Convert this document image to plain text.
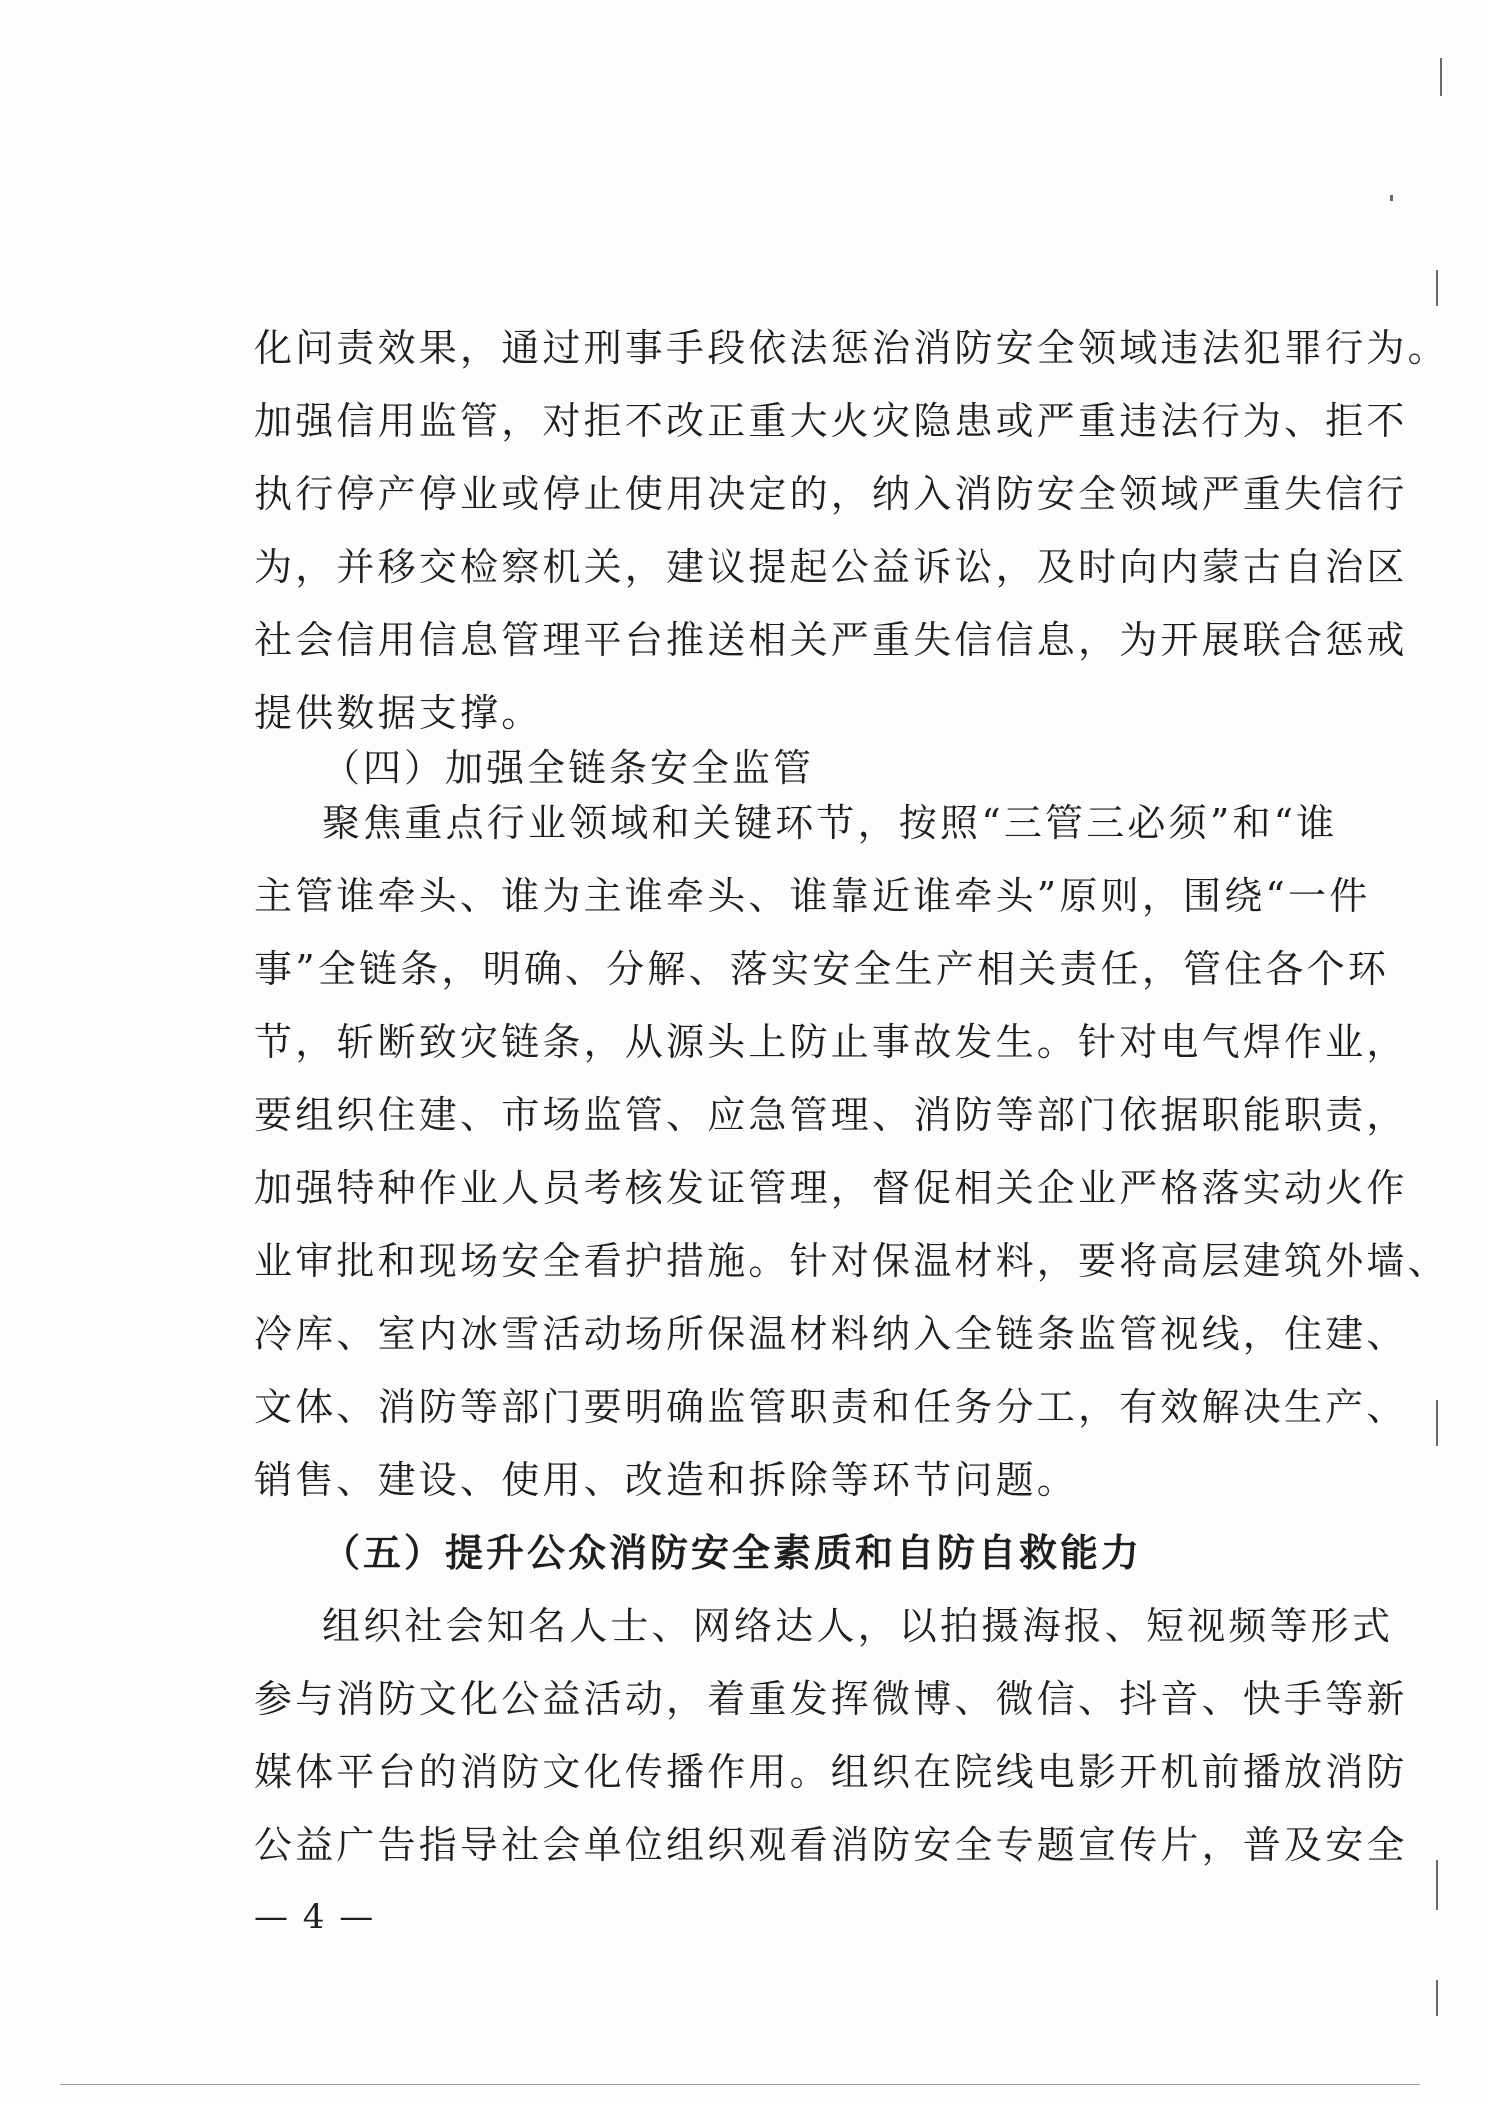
化问责效果，通过刑事手段依法惩治消防安全领域违法犯罪行为。
加强信用监管，对拒不改正重大火灾隐患或严重违法行为、拒不
执行停产停业或停止使用决定的，纳入消防安全领域严重失信行
为，并移交检察机关，建议提起公益诉讼，及时向内蒙古自治区
社会信用信息管理平台推送相关严重失信信息，为开展联合惩戒
提供数据支撑。
（四）加强全链条安全监管
聚焦重点行业领域和关键环节，按照“三管三必须”和“谁
主管谁牵头、谁为主谁牵头、谁靠近谁牵头”原则，围绕“一件
事”全链条，明确、分解、落实安全生产相关责任，管住各个环
节，斩断致灾链条，从源头上防止事故发生。针对电气焊作业，
要组织住建、市场监管、应急管理、消防等部门依据职能职责，
加强特种作业人员考核发证管理，督促相关企业严格落实动火作
业审批和现场安全看护措施。针对保温材料，要将高层建筑外墙、
冷库、室内冰雪活动场所保温材料纳入全链条监管视线，住建、
文体、消防等部门要明确监管职责和任务分工，有效解决生产、
销售、建设、使用、改造和拆除等环节问题。
（五）提升公众消防安全素质和自防自救能力
组织社会知名人士、网络达人，以拍摄海报、短视频等形式
参与消防文化公益活动，着重发挥微博、微信、抖音、快手等新
媒体平台的消防文化传播作用。组织在院线电影开机前播放消防
公益广告指导社会单位组织观看消防安全专题宣传片，普及安全
— 4 —
